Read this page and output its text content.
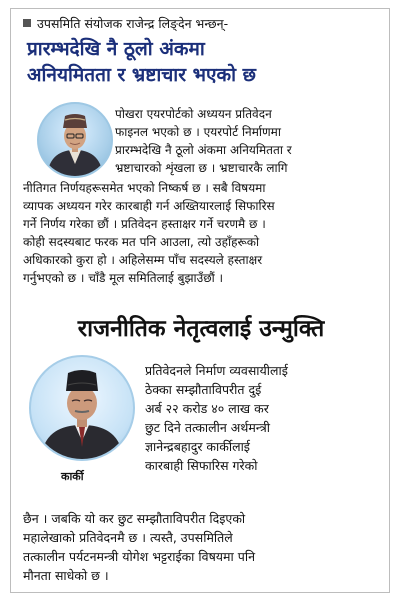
उपसमिति संयोजक राजेन्द्र लिङ्देन भन्छन्-
प्रारम्भदेखि नै ठूलो अंकमा
अनियमितता र भ्रष्टाचार भएको छ
पोखरा एयरपोर्टको अध्ययन प्रतिवेदन
फाइनल भएको छ । एयरपोर्ट निर्माणमा
प्रारम्भदेखि नै ठूलो अंकमा अनियमितता र
भ्रष्टाचारको शृंखला छ । भ्रष्टाचारकै लागि
नीतिगत निर्णयहरूसमेत भएको निष्कर्ष छ । सबै विषयमा
व्यापक अध्ययन गरेर कारबाही गर्न अख्तियारलाई सिफारिस
गर्ने निर्णय गरेका छौं । प्रतिवेदन हस्ताक्षर गर्ने चरणमै छ ।
कोही सदस्यबाट फरक मत पनि आउला, त्यो उहाँहरूको
अधिकारको कुरा हो । अहिलेसम्म पाँच सदस्यले हस्ताक्षर
गर्नुभएको छ । चाँडै मूल समितिलाई बुझाउँछौं ।
राजनीतिक नेतृत्वलाई उन्मुक्ति
कार्की
प्रतिवेदनले निर्माण व्यवसायीलाई
ठेक्का सम्झौताविपरीत दुई
अर्ब २२ करोड ४० लाख कर
छुट दिने तत्कालीन अर्थमन्त्री
ज्ञानेन्द्रबहादुर कार्कीलाई
कारबाही सिफारिस गरेको
छैन । जबकि यो कर छुट सम्झौताविपरीत दिइएको
महालेखाको प्रतिवेदनमै छ । त्यस्तै, उपसमितिले
तत्कालीन पर्यटनमन्त्री योगेश भट्टराईका विषयमा पनि
मौनता साधेको छ ।
